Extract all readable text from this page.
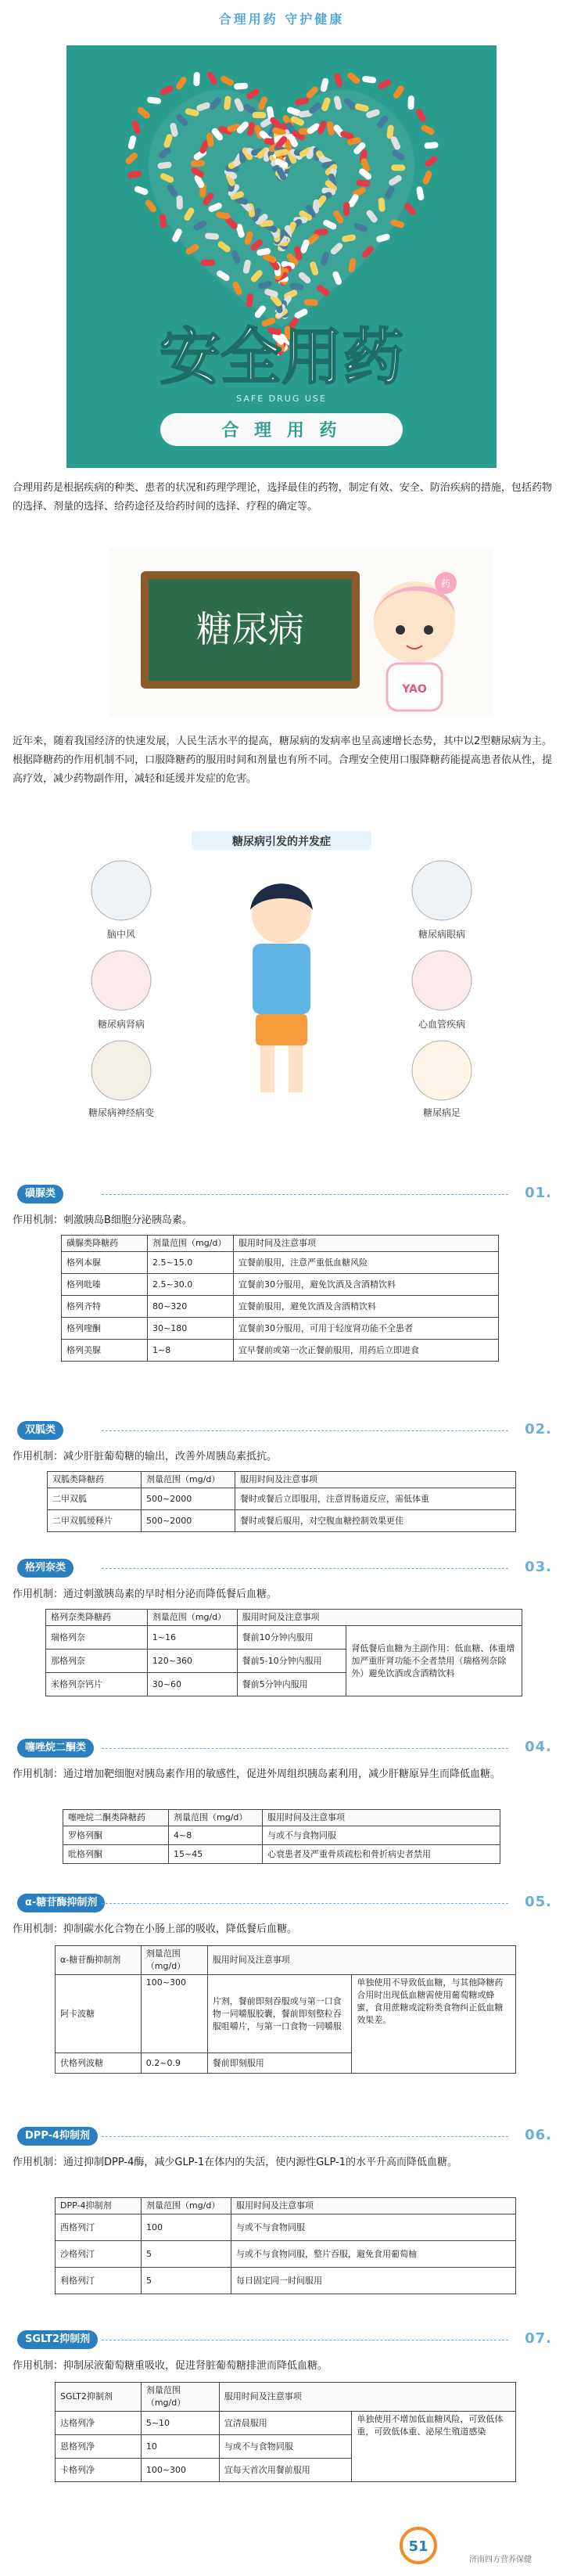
合理用药 守护健康
安全用药
SAFE DRUG USE
合 理 用 药
合理用药是根据疾病的种类、患者的状况和药理学理论，选择最佳的药物，制定有效、安全、防治疾病的措施，包括药物的选择、剂量的选择、给药途径及给药时间的选择、疗程的确定等。
糖尿病
药
YAO
近年来，随着我国经济的快速发展，人民生活水平的提高，糖尿病的发病率也呈高速增长态势，其中以2型糖尿病为主。根据降糖药的作用机制不同，口服降糖药的服用时间和剂量也有所不同。合理安全使用口服降糖药能提高患者依从性，提高疗效，减少药物副作用，减轻和延缓并发症的危害。
糖尿病引发的并发症
脑中风	糖尿病眼病
糖尿病肾病	心血管疾病
糖尿病神经病变	糖尿病足
磺脲类	01.
作用机制：刺激胰岛B细胞分泌胰岛素。
磺脲类降糖药	剂量范围（mg/d）	服用时间及注意事项
格列本脲	2.5~15.0	宜餐前服用，注意严重低血糖风险
格列吡嗪	2.5~30.0	宜餐前30分服用，避免饮酒及含酒精饮料
格列齐特	80~320	宜餐前服用，避免饮酒及含酒精饮料
格列喹酮	30~180	宜餐前30分服用，可用于轻度肾功能不全患者
格列美脲	1~8	宜早餐前或第一次正餐前服用，用药后立即进食
双胍类	02.
作用机制：减少肝脏葡萄糖的输出，改善外周胰岛素抵抗。
双胍类降糖药	剂量范围（mg/d）	服用时间及注意事项
二甲双胍	500~2000	餐时或餐后立即服用，注意胃肠道反应，需低体重
二甲双胍缓释片	500~2000	餐时或餐后服用，对空腹血糖控制效果更佳
格列奈类	03.
作用机制：通过刺激胰岛素的早时相分泌而降低餐后血糖。
格列奈类降糖药	剂量范围（mg/d）	服用时间及注意事项	
瑞格列奈	1~16	餐前10分钟内服用	肾低餐后血糖为主副作用：低血糖、体重增加严重肝肾功能不全者禁用（瑞格列奈除外）避免饮酒或含酒精饮料
那格列奈	120~360	餐前5-10分钟内服用	
米格列奈钙片	30~60	餐前5分钟内服用	
噻唑烷二酮类	04.
作用机制：通过增加靶细胞对胰岛素作用的敏感性，促进外周组织胰岛素利用，减少肝糖原异生而降低血糖。
噻唑烷二酮类降糖药	剂量范围（mg/d）	服用时间及注意事项
罗格列酮	4~8	与或不与食物同服
吡格列酮	15~45	心衰患者及严重骨质疏松和骨折病史者禁用
α-糖苷酶抑制剂	05.
作用机制：抑制碳水化合物在小肠上部的吸收，降低餐后血糖。
α-糖苷酶抑制剂	剂量范围（mg/d）	服用时间及注意事项	
阿卡波糖	100~300	片剂，餐前即刻吞服或与第一口食物一同嚼服胶囊，餐前即刻整粒吞服咀嚼片，与第一口食物一同嚼服	单独使用不导致低血糖，与其他降糖药合用时出现低血糖需使用葡萄糖或蜂蜜，食用蔗糖或淀粉类食物纠正低血糖效果差。
伏格列波糖	0.2~0.9	餐前即刻服用	
DPP-4抑制剂	06.
作用机制：通过抑制DPP-4酶，减少GLP-1在体内的失活，使内源性GLP-1的水平升高而降低血糖。
DPP-4抑制剂	剂量范围（mg/d）	服用时间及注意事项
西格列汀	100	与或不与食物同服
沙格列汀	5	与或不与食物同服，整片吞服，避免食用葡萄柚
利格列汀	5	每日固定同一时间服用
SGLT2抑制剂	07.
作用机制：抑制尿液葡萄糖重吸收，促进肾脏葡萄糖排泄而降低血糖。
SGLT2抑制剂	剂量范围（mg/d）	服用时间及注意事项	
达格列净	5~10	宜清晨服用	单独使用不增加低血糖风险，可致低体重，可致低体重、泌尿生殖道感染
恩格列净	10	与或不与食物同服	
卡格列净	100~300	宜每天首次用餐前服用	
51
济南四方营养保健
